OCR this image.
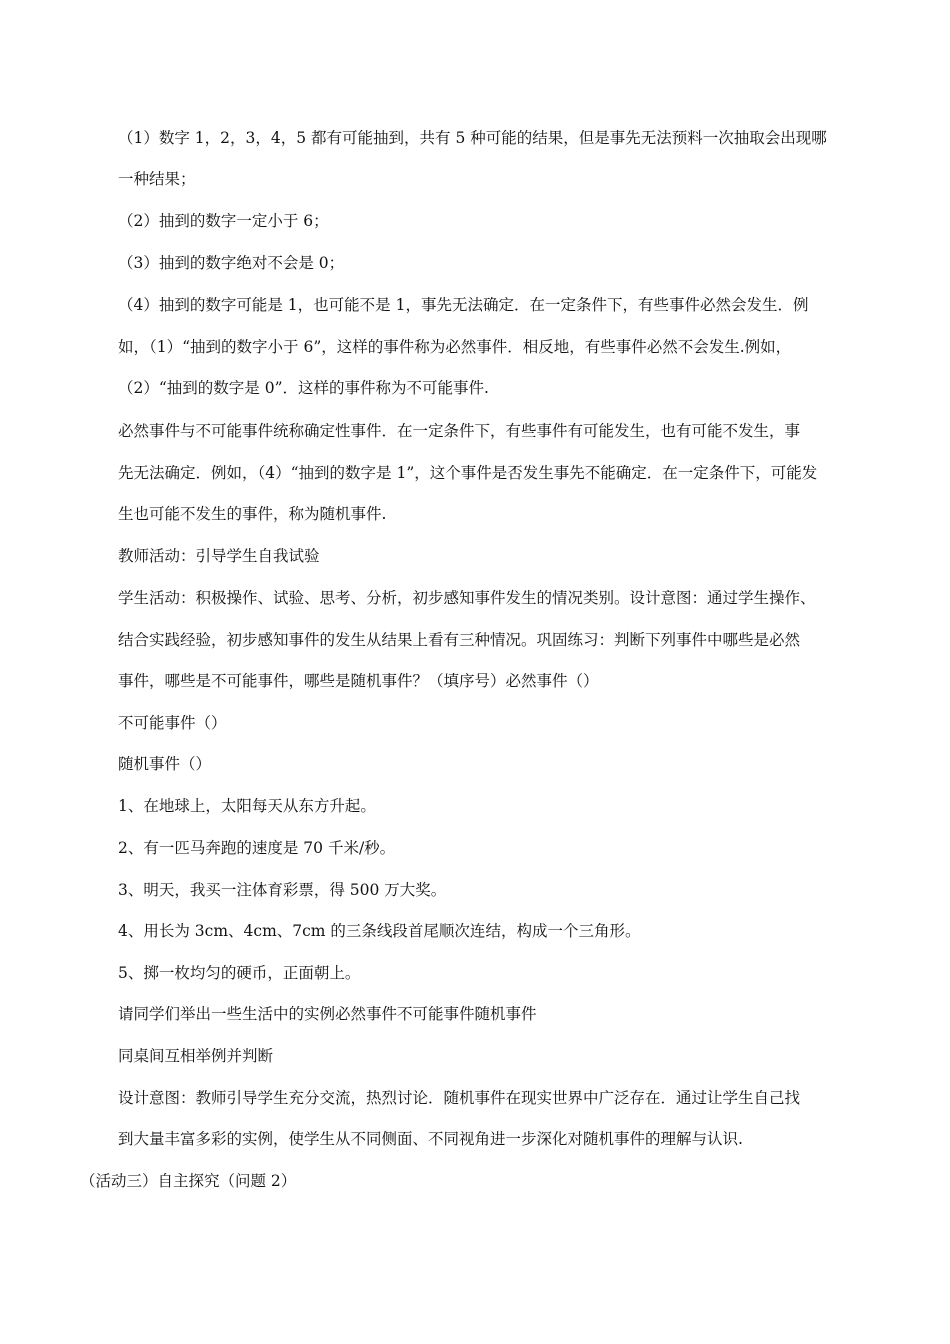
（1）数字 1，2，3，4，5 都有可能抽到，共有 5 种可能的结果，但是事先无法预料一次抽取会出现哪
一种结果；
（2）抽到的数字一定小于 6；
（3）抽到的数字绝对不会是 0；
（4）抽到的数字可能是 1，也可能不是 1，事先无法确定．在一定条件下，有些事件必然会发生．例
如，（1）“抽到的数字小于 6”，这样的事件称为必然事件．相反地，有些事件必然不会发生.例如，
（2）“抽到的数字是 0”．这样的事件称为不可能事件.
必然事件与不可能事件统称确定性事件．在一定条件下，有些事件有可能发生，也有可能不发生，事
先无法确定．例如，（4）“抽到的数字是 1”，这个事件是否发生事先不能确定．在一定条件下，可能发
生也可能不发生的事件，称为随机事件.
教师活动：引导学生自我试验
学生活动：积极操作、试验、思考、分析，初步感知事件发生的情况类别。设计意图：通过学生操作、
结合实践经验，初步感知事件的发生从结果上看有三种情况。巩固练习：判断下列事件中哪些是必然
事件，哪些是不可能事件，哪些是随机事件？（填序号）必然事件（）
不可能事件（）
随机事件（）
1、在地球上，太阳每天从东方升起。
2、有一匹马奔跑的速度是 70 千米/秒。
3、明天，我买一注体育彩票，得 500 万大奖。
4、用长为 3cm、4cm、7cm 的三条线段首尾顺次连结，构成一个三角形。
5、掷一枚均匀的硬币，正面朝上。
请同学们举出一些生活中的实例必然事件不可能事件随机事件
同桌间互相举例并判断
设计意图：教师引导学生充分交流，热烈讨论．随机事件在现实世界中广泛存在．通过让学生自己找
到大量丰富多彩的实例，使学生从不同侧面、不同视角进一步深化对随机事件的理解与认识.
（活动三）自主探究（问题 2）
